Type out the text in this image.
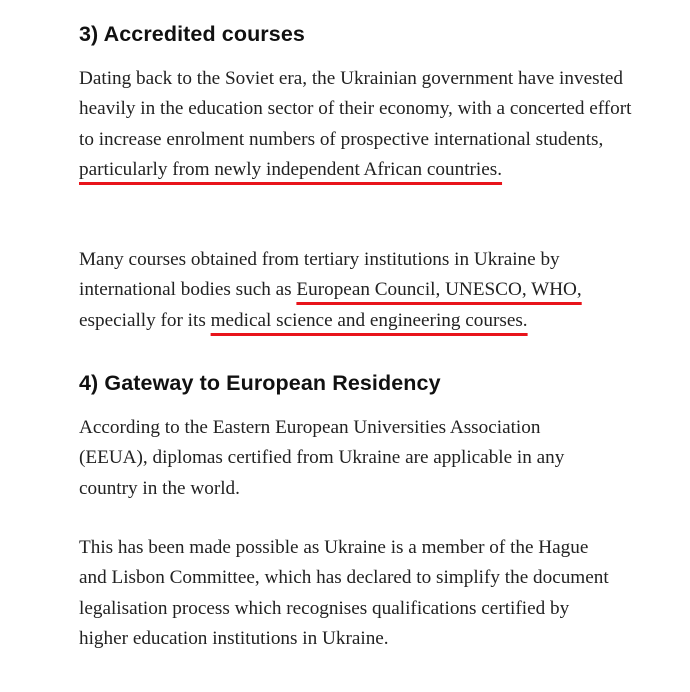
3) Accredited courses

Dating back to the Soviet era, the Ukrainian government have invested heavily in the education sector of their economy, with a concerted effort to increase enrolment numbers of prospective international students, particularly from newly independent African countries.

Many courses obtained from tertiary institutions in Ukraine by international bodies such as European Council, UNESCO, WHO, especially for its medical science and engineering courses.

4) Gateway to European Residency

According to the Eastern European Universities Association (EEUA), diplomas certified from Ukraine are applicable in any country in the world.

This has been made possible as Ukraine is a member of the Hague and Lisbon Committee, which has declared to simplify the document legalisation process which recognises qualifications certified by higher education institutions in Ukraine.
